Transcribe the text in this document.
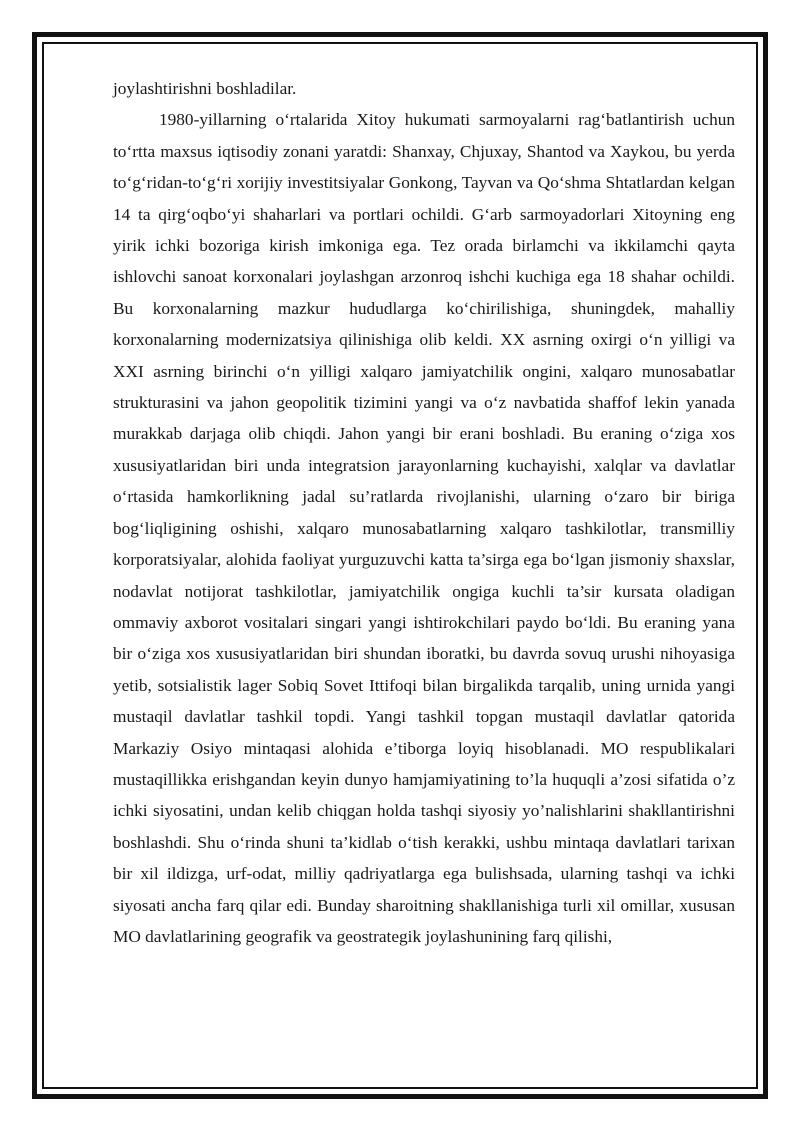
joylashtirishni boshladilar.

1980-yillarning o‘rtalarida Xitoy hukumati sarmoyalarni rag‘batlantirish uchun to‘rtta maxsus iqtisodiy zonani yaratdi: Shanxay, Chjuxay, Shantod va Xaykou, bu yerda to‘g‘ridan-to‘g‘ri xorijiy investitsiyalar Gonkong, Tayvan va Qo‘shma Shtatlardan kelgan 14 ta qirg‘oqbo‘yi shaharlari va portlari ochildi. G‘arb sarmoyadorlari Xitoyning eng yirik ichki bozoriga kirish imkoniga ega. Tez orada birlamchi va ikkilamchi qayta ishlovchi sanoat korxonalari joylashgan arzonroq ishchi kuchiga ega 18 shahar ochildi. Bu korxonalarning mazkur hududlarga ko‘chirilishiga, shuningdek, mahalliy korxonalarning modernizatsiya qilinishiga olib keldi. XX asrning oxirgi o‘n yilligi va XXI asrning birinchi o‘n yilligi xalqaro jamiyatchilik ongini, xalqaro munosabatlar strukturasini va jahon geopolitik tizimini yangi va o‘z navbatida shaffof lekin yanada murakkab darjaga olib chiqdi. Jahon yangi bir erani boshladi. Bu eraning o‘ziga xos xususiyatlaridan biri unda integratsion jarayonlarning kuchayishi, xalqlar va davlatlar o‘rtasida hamkorlikning jadal su’ratlarda rivojlanishi, ularning o‘zaro bir biriga bog‘liqligining oshishi, xalqaro munosabatlarning xalqaro tashkilotlar, transmilliy korporatsiyalar, alohida faoliyat yurguzuvchi katta ta’sirga ega bo‘lgan jismoniy shaxslar, nodavlat notijorat tashkilotlar, jamiyatchilik ongiga kuchli ta’sir kursata oladigan ommaviy axborot vositalari singari yangi ishtirokchilari paydo bo‘ldi. Bu eraning yana bir o‘ziga xos xususiyatlaridan biri shundan iboratki, bu davrda sovuq urushi nihoyasiga yetib, sotsialistik lager Sobiq Sovet Ittifoqi bilan birgalikda tarqalib, uning urnida yangi mustaqil davlatlar tashkil topdi. Yangi tashkil topgan mustaqil davlatlar qatorida Markaziy Osiyo mintaqasi alohida e’tiborga loyiq hisoblanadi. MO respublikalari mustaqillikka erishgandan keyin dunyo hamjamiyatining to’la huquqli a’zosi sifatida o’z ichki siyosatini, undan kelib chiqgan holda tashqi siyosiy yo’nalishlarini shakllantirishni boshlashdi. Shu o‘rinda shuni ta’kidlab o‘tish kerakki, ushbu mintaqa davlatlari tarixan bir xil ildizga, urf-odat, milliy qadriyatlarga ega bulishsada, ularning tashqi va ichki siyosati ancha farq qilar edi. Bunday sharoitning shakllanishiga turli xil omillar, xususan MO davlatlarining geografik va geostrategik joylashunining farq qilishi,
